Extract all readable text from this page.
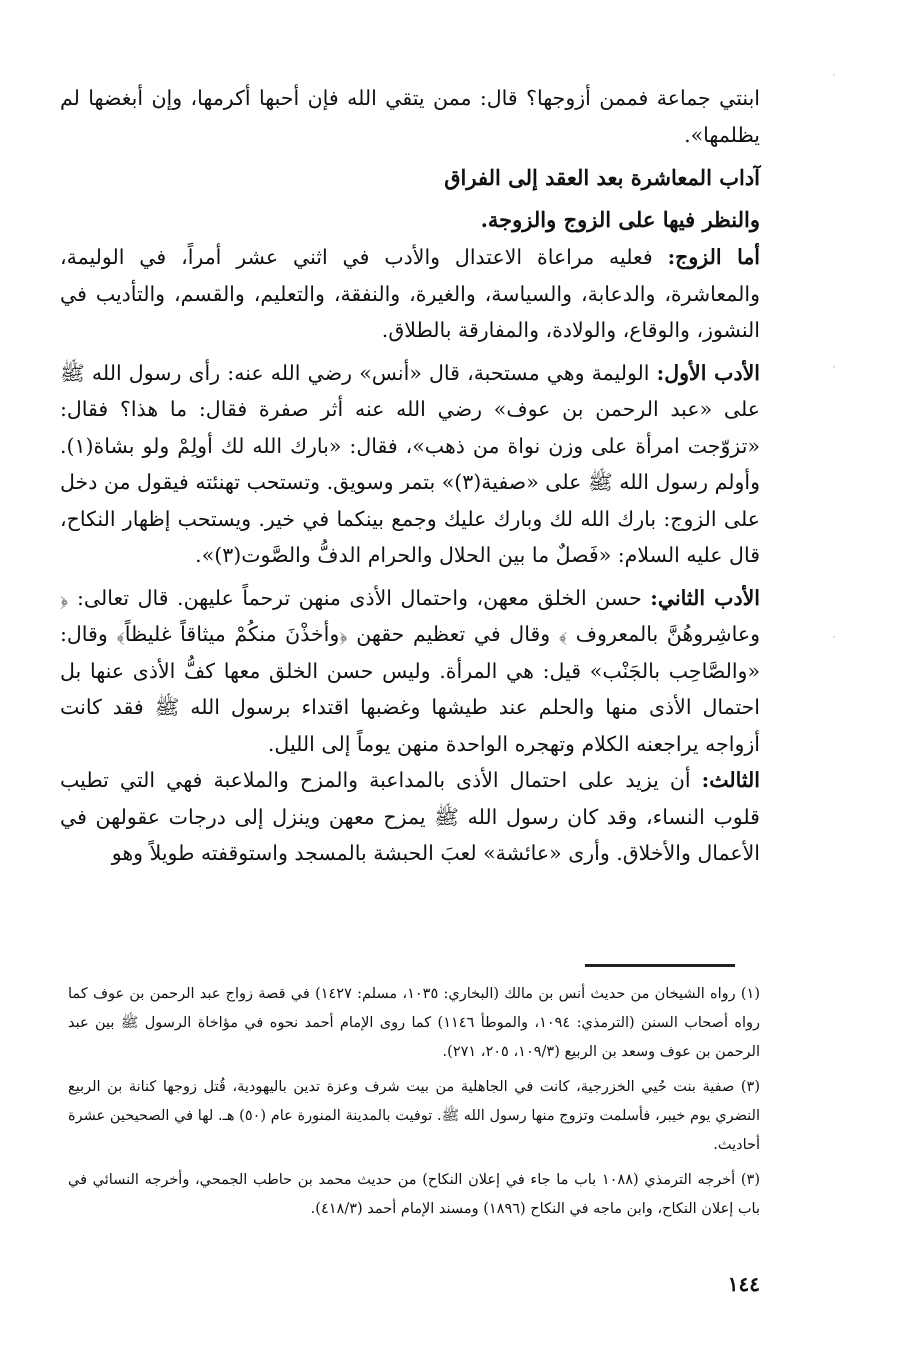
ابنتي جماعة فممن أزوجها؟ قال: ممن يتقي الله فإن أحبها أكرمها، وإن أبغضها لم يظلمها».

آداب المعاشرة بعد العقد إلى الفراق

والنظر فيها على الزوج والزوجة.

أما الزوج: فعليه مراعاة الاعتدال والأدب في اثني عشر أمراً، في الوليمة، والمعاشرة، والدعابة، والسياسة، والغيرة، والنفقة، والتعليم، والقسم، والتأديب في النشوز، والوقاع، والولادة، والمفارقة بالطلاق.

الأدب الأول: الوليمة وهي مستحبة، قال «أنس» رضي الله عنه: رأى رسول الله ﷺ على «عبد الرحمن بن عوف» رضي الله عنه أثر صفرة فقال: ما هذا؟ فقال: «تزوّجت امرأة على وزن نواة من ذهب»، فقال: «بارك الله لك أولِمْ ولو بشاة(١). وأولم رسول الله ﷺ على «صفية(٣)» بتمر وسويق. وتستحب تهنئته فيقول من دخل على الزوج: بارك الله لك وبارك عليك وجمع بينكما في خير. ويستحب إظهار النكاح، قال عليه السلام: «فَصلٌ ما بين الحلال والحرام الدفُّ والصَّوت(٣)».

الأدب الثاني: حسن الخلق معهن، واحتمال الأذى منهن ترحماً عليهن. قال تعالى: ﴿ وعاشِروهُنَّ بالمعروف ﴾ وقال في تعظيم حقهن ﴿وأخذْنَ منكُمْ ميثاقاً غليظاً﴾ وقال: «والصَّاحِب بالجَنْب» قيل: هي المرأة. وليس حسن الخلق معها كفُّ الأذى عنها بل احتمال الأذى منها والحلم عند طيشها وغضبها اقتداء برسول الله ﷺ فقد كانت أزواجه يراجعنه الكلام وتهجره الواحدة منهن يوماً إلى الليل.

الثالث: أن يزيد على احتمال الأذى بالمداعبة والمزح والملاعبة فهي التي تطيب قلوب النساء، وقد كان رسول الله ﷺ يمزح معهن وينزل إلى درجات عقولهن في الأعمال والأخلاق. وأرى «عائشة» لعبَ الحبشة بالمسجد واستوقفته طويلاً وهو

(١) رواه الشيخان من حديث أنس بن مالك (البخاري: ١٠٣٥، مسلم: ١٤٢٧) في قصة زواج عبد الرحمن بن عوف كما رواه أصحاب السنن (الترمذي: ١٠٩٤، والموطأ ١١٤٦) كما روى الإمام أحمد نحوه في مؤاخاة الرسول ﷺ بين عبد الرحمن بن عوف وسعد بن الربيع (١٠٩/٣، ٢٠٥، ٢٧١).

(٣) صفية بنت حُيي الخزرجية، كانت في الجاهلية من بيت شرف وعزة تدين باليهودية، قُتل زوجها كنانة بن الربيع النضري يوم خيبر، فأسلمت وتزوج منها رسول الله ﷺ. توفيت بالمدينة المنورة عام (٥٠) هـ. لها في الصحيحين عشرة أحاديث.

(٣) أخرجه الترمذي (١٠٨٨ باب ما جاء في إعلان النكاح) من حديث محمد بن حاطب الجمحي، وأخرجه النسائي في باب إعلان النكاح، وابن ماجه في النكاح (١٨٩٦) ومسند الإمام أحمد (٤١٨/٣).

١٤٤
·
·
·
